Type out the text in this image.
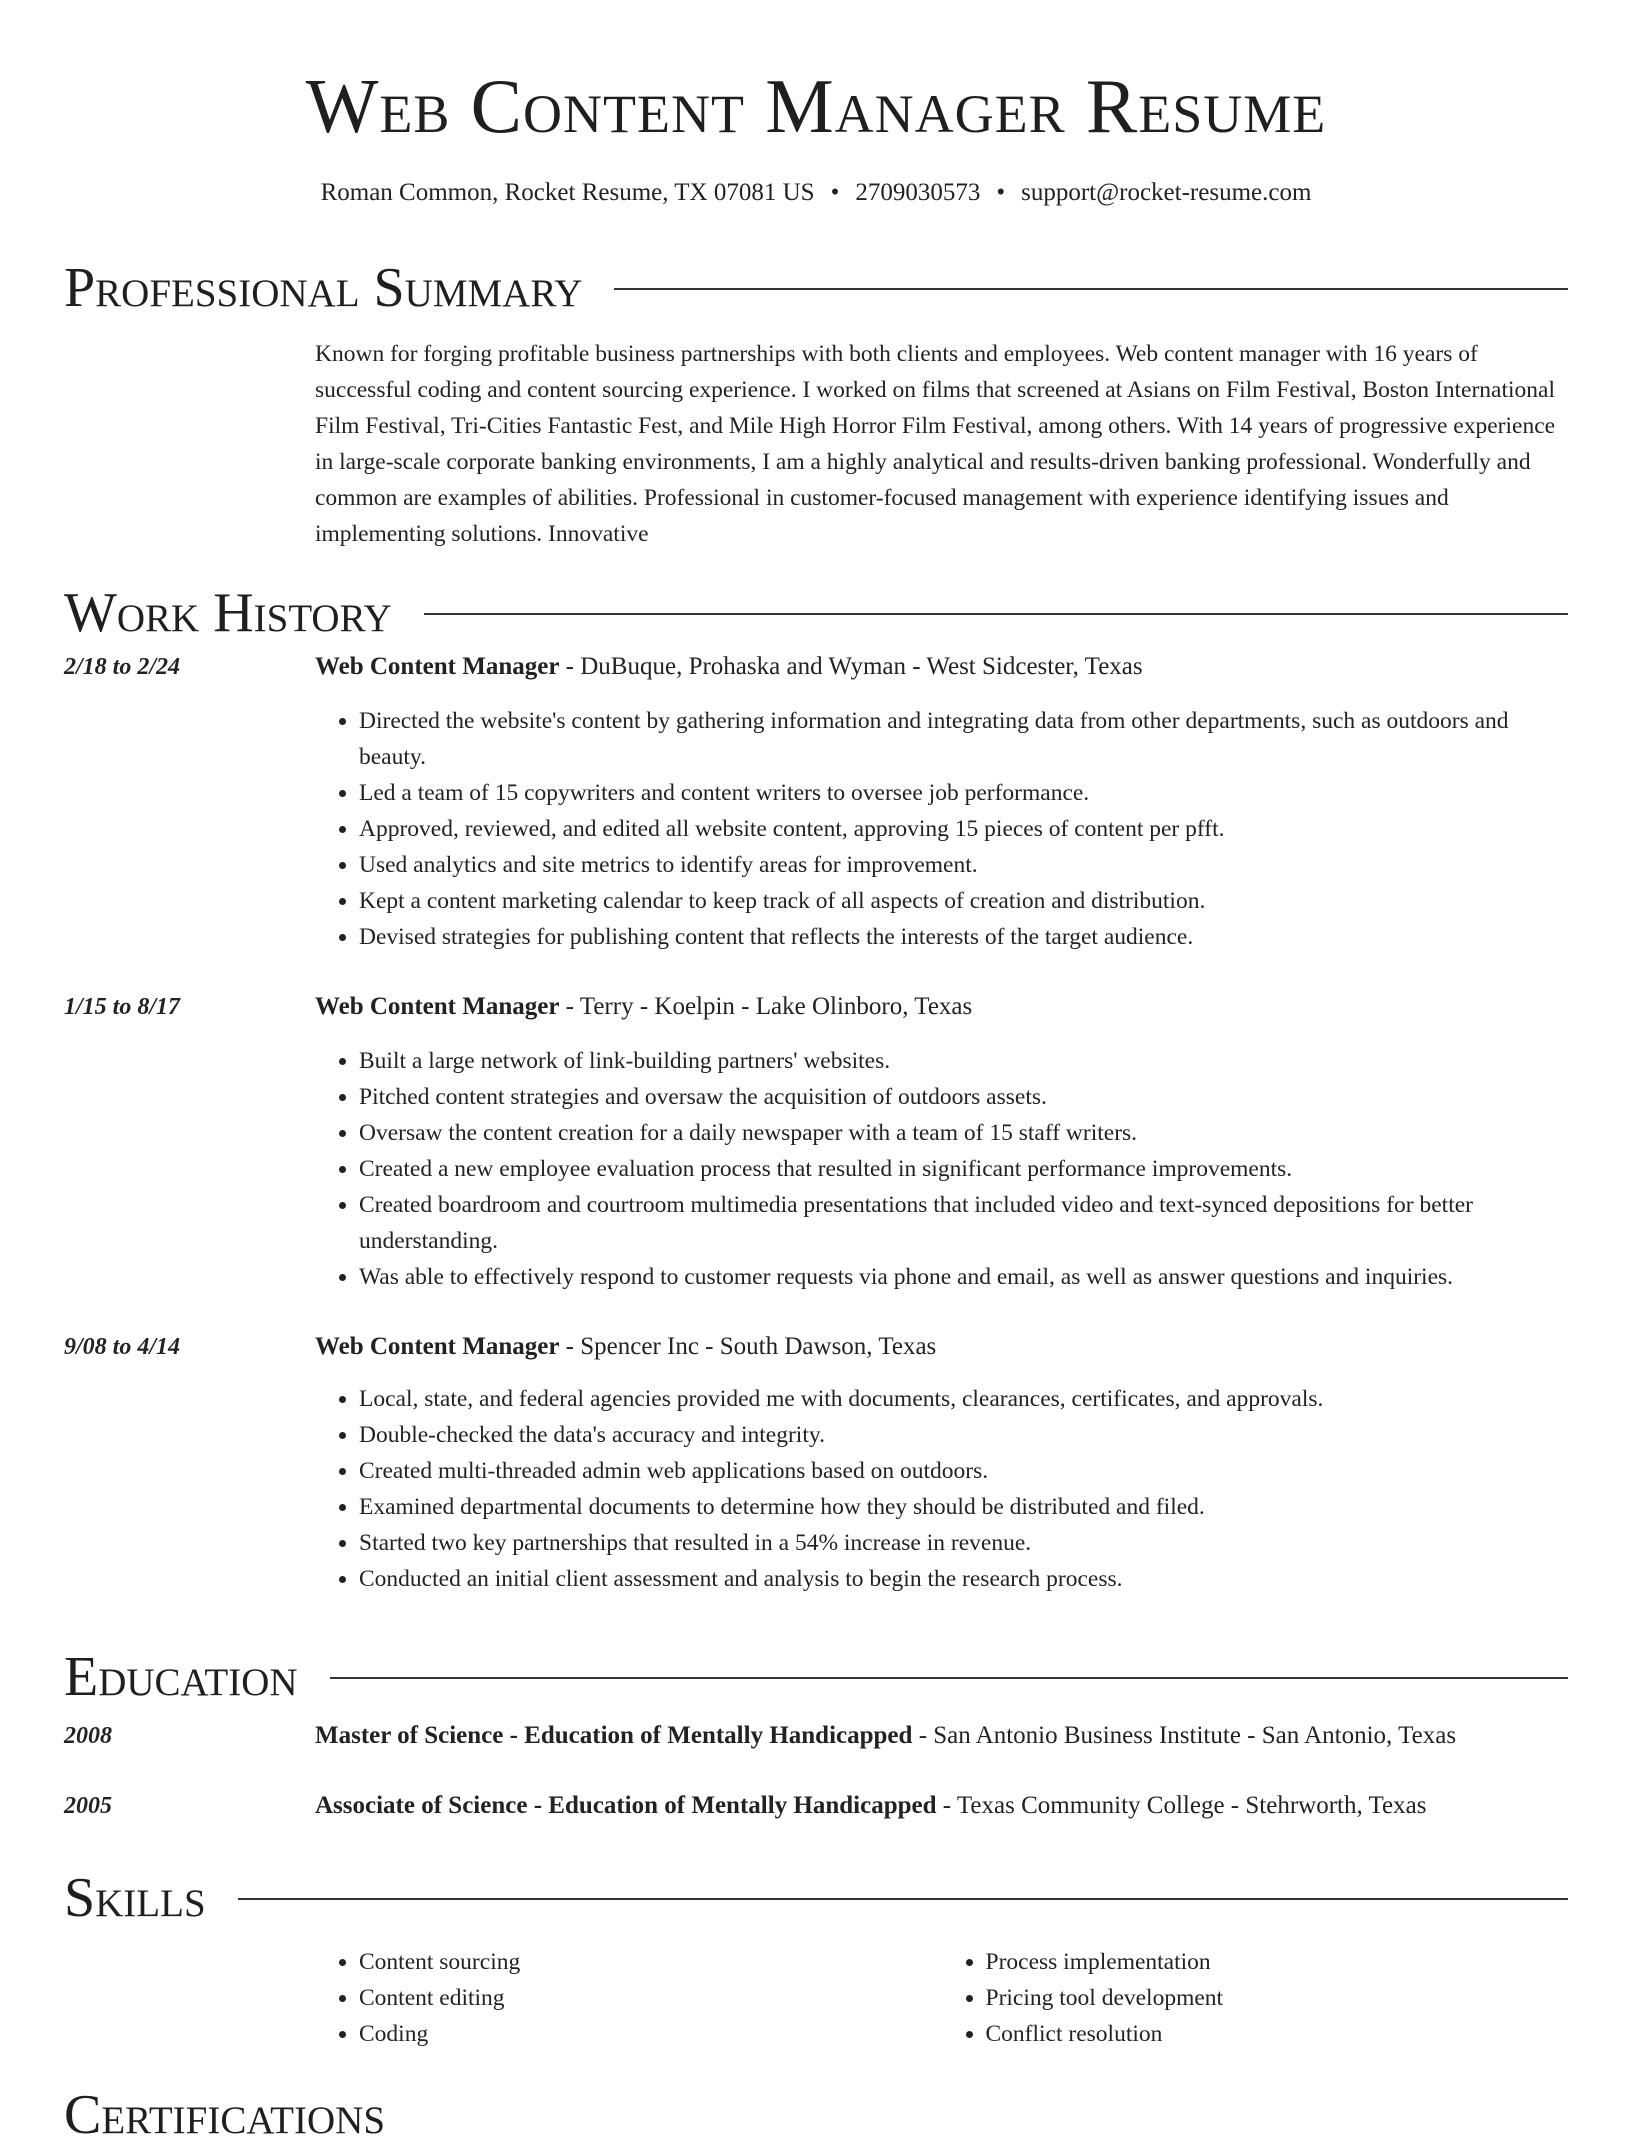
Web Content Manager Resume
Roman Common, Rocket Resume, TX 07081 US • 2709030573 • support@rocket-resume.com
Professional Summary
Known for forging profitable business partnerships with both clients and employees. Web content manager with 16 years of successful coding and content sourcing experience. I worked on films that screened at Asians on Film Festival, Boston International Film Festival, Tri-Cities Fantastic Fest, and Mile High Horror Film Festival, among others. With 14 years of progressive experience in large-scale corporate banking environments, I am a highly analytical and results-driven banking professional. Wonderfully and common are examples of abilities. Professional in customer-focused management with experience identifying issues and implementing solutions. Innovative
Work History
2/18 to 2/24	Web Content Manager - DuBuque, Prohaska and Wyman - West Sidcester, Texas
• Directed the website's content by gathering information and integrating data from other departments, such as outdoors and beauty.
• Led a team of 15 copywriters and content writers to oversee job performance.
• Approved, reviewed, and edited all website content, approving 15 pieces of content per pfft.
• Used analytics and site metrics to identify areas for improvement.
• Kept a content marketing calendar to keep track of all aspects of creation and distribution.
• Devised strategies for publishing content that reflects the interests of the target audience.
1/15 to 8/17	Web Content Manager - Terry - Koelpin - Lake Olinboro, Texas
• Built a large network of link-building partners' websites.
• Pitched content strategies and oversaw the acquisition of outdoors assets.
• Oversaw the content creation for a daily newspaper with a team of 15 staff writers.
• Created a new employee evaluation process that resulted in significant performance improvements.
• Created boardroom and courtroom multimedia presentations that included video and text-synced depositions for better understanding.
• Was able to effectively respond to customer requests via phone and email, as well as answer questions and inquiries.
9/08 to 4/14	Web Content Manager - Spencer Inc - South Dawson, Texas
• Local, state, and federal agencies provided me with documents, clearances, certificates, and approvals.
• Double-checked the data's accuracy and integrity.
• Created multi-threaded admin web applications based on outdoors.
• Examined departmental documents to determine how they should be distributed and filed.
• Started two key partnerships that resulted in a 54% increase in revenue.
• Conducted an initial client assessment and analysis to begin the research process.
Education
2008	Master of Science - Education of Mentally Handicapped - San Antonio Business Institute - San Antonio, Texas
2005	Associate of Science - Education of Mentally Handicapped - Texas Community College - Stehrworth, Texas
Skills
• Content sourcing
• Content editing
• Coding
• Process implementation
• Pricing tool development
• Conflict resolution
Certifications
